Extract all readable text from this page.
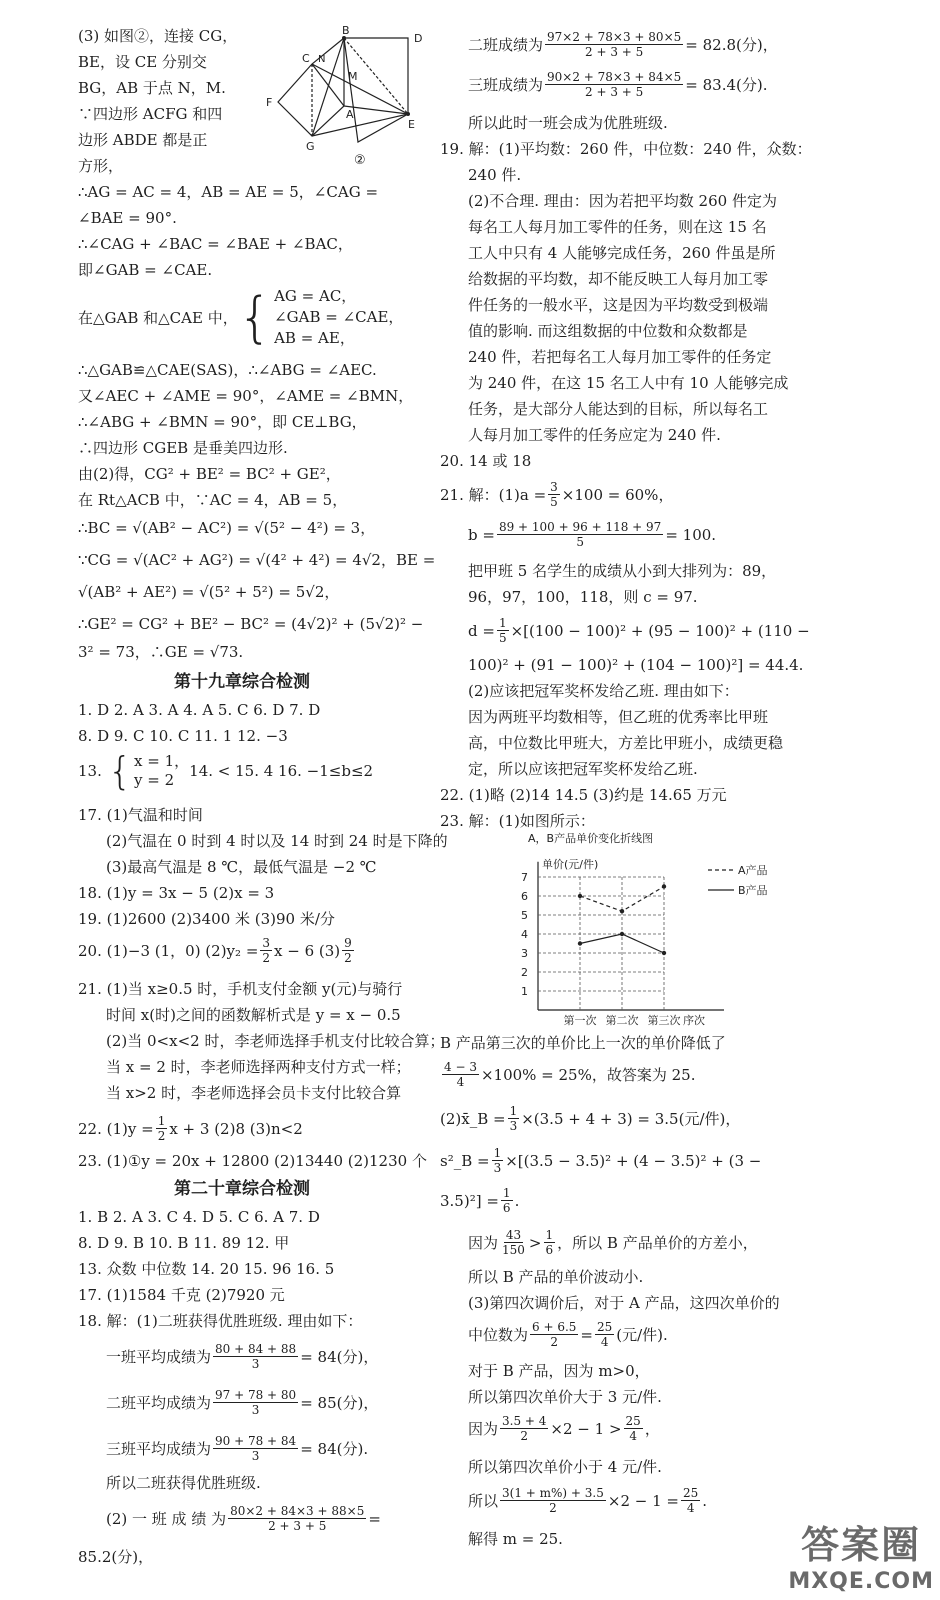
(3) 如图②，连接 CG，
BE，设 CE 分别交
BG，AB 于点 N，M.
∵四边形 ACFG 和四
边形 ABDE 都是正
方形，
B
D
C N
M
A
F
G
E
②
∴AG = AC = 4，AB = AE = 5，∠CAG =
∠BAE = 90°.
∴∠CAG + ∠BAC = ∠BAE + ∠BAC，
即∠GAB = ∠CAE.
在△GAB 和△CAE 中， { AG = AC，
∠GAB = ∠CAE，
AB = AE，
∴△GAB≌△CAE(SAS)，∴∠ABG = ∠AEC.
又∠AEC + ∠AME = 90°，∠AME = ∠BMN，
∴∠ABG + ∠BMN = 90°，即 CE⊥BG，
∴四边形 CGEB 是垂美四边形.
由(2)得，CG² + BE² = BC² + GE²，
在 Rt△ACB 中，∵AC = 4，AB = 5，
∴BC = √(AB² − AC²) = √(5² − 4²) = 3，
∵CG = √(AC² + AG²) = √(4² + 4²) = 4√2，BE =
√(AB² + AE²) = √(5² + 5²) = 5√2，
∴GE² = CG² + BE² − BC² = (4√2)² + (5√2)² −
3² = 73，∴GE = √73.
第十九章综合检测
1. D 2. A 3. A 4. A 5. C 6. D 7. D
8. D 9. C 10. C 11. 1 12. −3
13. { x = 1，
y = 2 14. < 15. 4 16. −1≤b≤2
17. (1)气温和时间
(2)气温在 0 时到 4 时以及 14 时到 24 时是下降的
(3)最高气温是 8 ℃，最低气温是 −2 ℃
18. (1)y = 3x − 5 (2)x = 3
19. (1)2600 (2)3400 米 (3)90 米/分
20. (1)−3 (1，0) $(2)y_2 = \frac{3}{2}$ x − 6 $(3) \frac{9}{2}$
21. (1)当 x≥0.5 时，手机支付金额 y(元)与骑行
时间 x(时)之间的函数解析式是 y = x − 0.5
(2)当 0<x<2 时，李老师选择手机支付比较合算；
当 x = 2 时，李老师选择两种支付方式一样；
当 x>2 时，李老师选择会员卡支付比较合算
22. $(1)y = \frac{1}{2}$ x + 3 (2)8 (3)n<2
23. (1)①y = 20x + 12800 (2)13440 (2)1230 个
第二十章综合检测
1. B 2. A 3. C 4. D 5. C 6. A 7. D
8. D 9. B 10. B 11. 89 12. 甲
13. 众数 中位数 14. 20 15. 96 16. 5
17. (1)1584 千克 (2)7920 元
18. 解：(1)二班获得优胜班级. 理由如下：
一班平均成绩为 $\frac{80 + 84 + 88}{3} = 84$(分)，
二班平均成绩为 $\frac{97 + 78 + 80}{3} = 85$(分)，
三班平均成绩为 $\frac{90 + 78 + 84}{3} = 84$(分).
所以二班获得优胜班级.
(2) 一 班 成 绩 为 $\frac{80\times 2 + 84\times 3 + 88\times 5}{2 + 3 + 5}$ =
85.2(分)，
二班成绩为 $\frac{97\times 2 + 78\times 3 + 80\times 5}{2 + 3 + 5} = 82.8$(分)，
三班成绩为 $\frac{90\times 2 + 78\times 3 + 84\times 5}{2 + 3 + 5} = 83.4$(分).
所以此时一班会成为优胜班级.
19. 解：(1)平均数：260 件，中位数：240 件，众数：
240 件.
(2)不合理. 理由：因为若把平均数 260 件定为
每名工人每月加工零件的任务，则在这 15 名
工人中只有 4 人能够完成任务，260 件虽是所
给数据的平均数，却不能反映工人每月加工零
件任务的一般水平，这是因为平均数受到极端
值的影响. 而这组数据的中位数和众数都是
240 件，若把每名工人每月加工零件的任务定
为 240 件，在这 15 名工人中有 10 人能够完成
任务，是大部分人能达到的目标，所以每名工
人每月加工零件的任务应定为 240 件.
20. 14 或 18
21. 解：$(1)a = \frac{3}{5} \times 100 = 60\%$，
$b = \frac{89 + 100 + 96 + 118 + 97}{5} = 100$.
把甲班 5 名学生的成绩从小到大排列为：89，
96，97，100，118，则 c = 97.
$d = \frac{1}{5} \times[(100 - 100)^2 + (95 - 100)^2 + (110$ −
100)² + (91 − 100)² + (104 − 100)²] = 44.4.
(2)应该把冠军奖杯发给乙班. 理由如下：
因为两班平均数相等，但乙班的优秀率比甲班
高，中位数比甲班大，方差比甲班小，成绩更稳
定，所以应该把冠军奖杯发给乙班.
22. (1)略 (2)14 14.5 (3)约是 14.65 万元
23. 解：(1)如图所示：
A，B产品单价变化折线图
单价(元/件)
1
2
3
4
5
6
7
第一次 第二次 第三次 序次
A产品
B产品
B 产品第三次的单价比上一次的单价降低了
$\frac{4 - 3}{4} \times 100\% = 25\%$，故答案为 25.
(2)x̄_B = $\frac{1}{3} \times(3.5 + 4 + 3) = 3.5$(元/件)，
s²_B = $\frac{1}{3} \times[(3.5 - 3.5)^2 + (4 - 3.5)^2 + (3$ −
$3.5)^2] = \frac{1}{6}$ .
因为 $\frac{43}{150} > \frac{1}{6}$ ，所以 B 产品单价的方差小，
所以 B 产品的单价波动小.
(3)第四次调价后，对于 A 产品，这四次单价的
中位数为 $\frac{6 + 6.5}{2} = \frac{25}{4}$ (元/件).
对于 B 产品，因为 m>0，
所以第四次单价大于 3 元/件.
因为 $\frac{3.5 + 4}{2} \times 2 - 1 > \frac{25}{4}$ ，
所以第四次单价小于 4 元/件.
所以 $\frac{3(1 + m\%) + 3.5}{2} \times 2 - 1 = \frac{25}{4}$ .
解得 m = 25.	答案圈
MXQE.COM
